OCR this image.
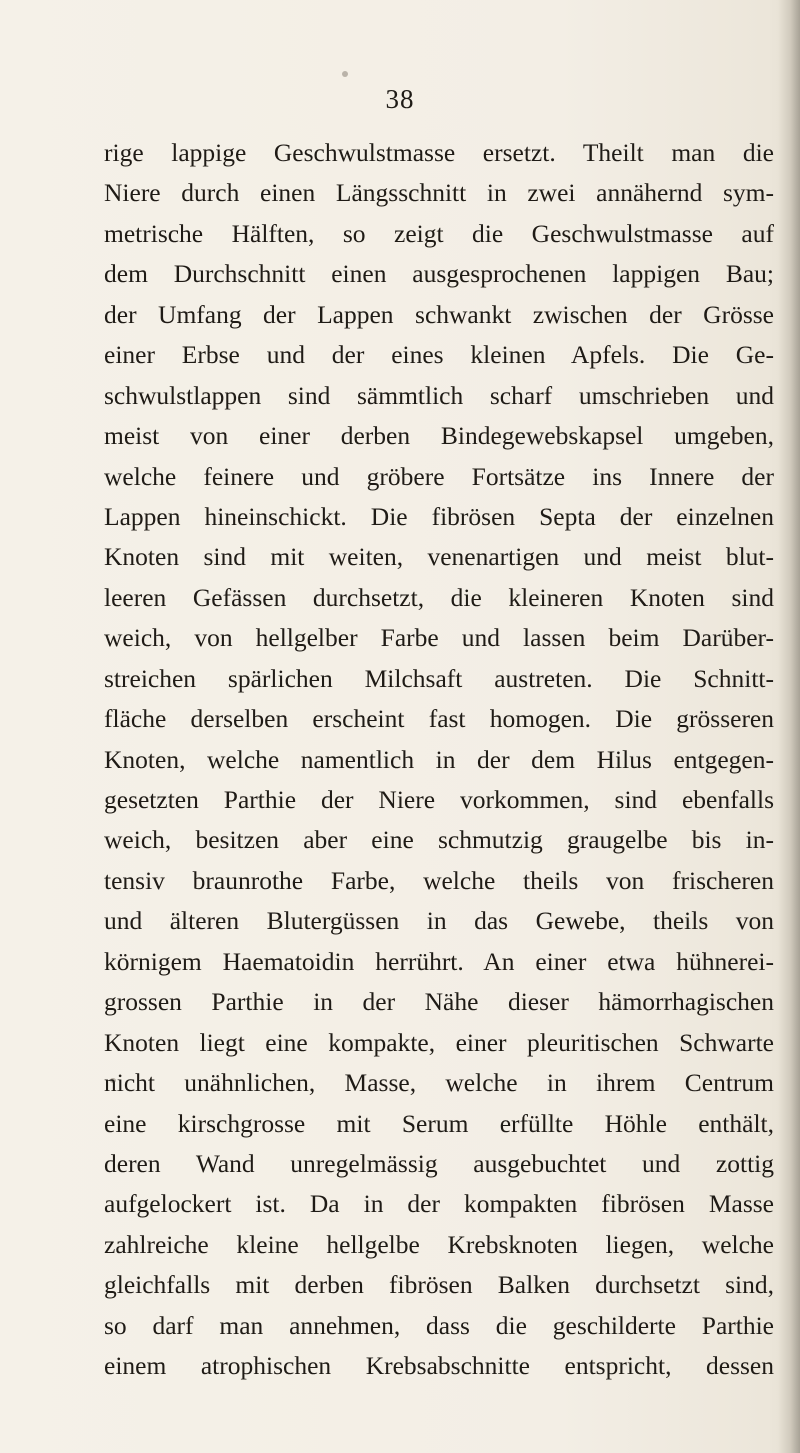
38
rige lappige Geschwulstmasse ersetzt. Theilt man die
Niere durch einen Längsschnitt in zwei annähernd sym-
metrische Hälften, so zeigt die Geschwulstmasse auf
dem Durchschnitt einen ausgesprochenen lappigen Bau;
der Umfang der Lappen schwankt zwischen der Grösse
einer Erbse und der eines kleinen Apfels. Die Ge-
schwulstlappen sind sämmtlich scharf umschrieben und
meist von einer derben Bindegewebskapsel umgeben,
welche feinere und gröbere Fortsätze ins Innere der
Lappen hineinschickt. Die fibrösen Septa der einzelnen
Knoten sind mit weiten, venenartigen und meist blut-
leeren Gefässen durchsetzt, die kleineren Knoten sind
weich, von hellgelber Farbe und lassen beim Darüber-
streichen spärlichen Milchsaft austreten. Die Schnitt-
fläche derselben erscheint fast homogen. Die grösseren
Knoten, welche namentlich in der dem Hilus entgegen-
gesetzten Parthie der Niere vorkommen, sind ebenfalls
weich, besitzen aber eine schmutzig graugelbe bis in-
tensiv braunrothe Farbe, welche theils von frischeren
und älteren Blutergüssen in das Gewebe, theils von
körnigem Haematoidin herrührt. An einer etwa hühnerei-
grossen Parthie in der Nähe dieser hämorrhagischen
Knoten liegt eine kompakte, einer pleuritischen Schwarte
nicht unähnlichen, Masse, welche in ihrem Centrum
eine kirschgrosse mit Serum erfüllte Höhle enthält,
deren Wand unregelmässig ausgebuchtet und zottig
aufgelockert ist. Da in der kompakten fibrösen Masse
zahlreiche kleine hellgelbe Krebsknoten liegen, welche
gleichfalls mit derben fibrösen Balken durchsetzt sind,
so darf man annehmen, dass die geschilderte Parthie
einem atrophischen Krebsabschnitte entspricht, dessen
